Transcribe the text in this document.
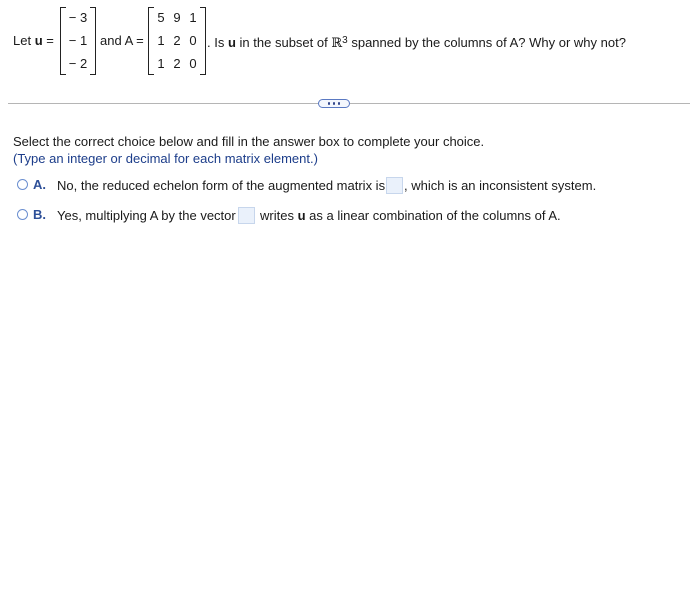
Let u =
− 3
− 1
− 2
and A =
5 9 1
1 2 0
1 2 0
. Is u in the subset of ℝ$^3$ spanned by the columns of A? Why or why not?
Select the correct choice below and fill in the answer box to complete your choice.
(Type an integer or decimal for each matrix element.)
A. No, the reduced echelon form of the augmented matrix is , which is an inconsistent system.
B. Yes, multiplying A by the vector writes u as a linear combination of the columns of A.
